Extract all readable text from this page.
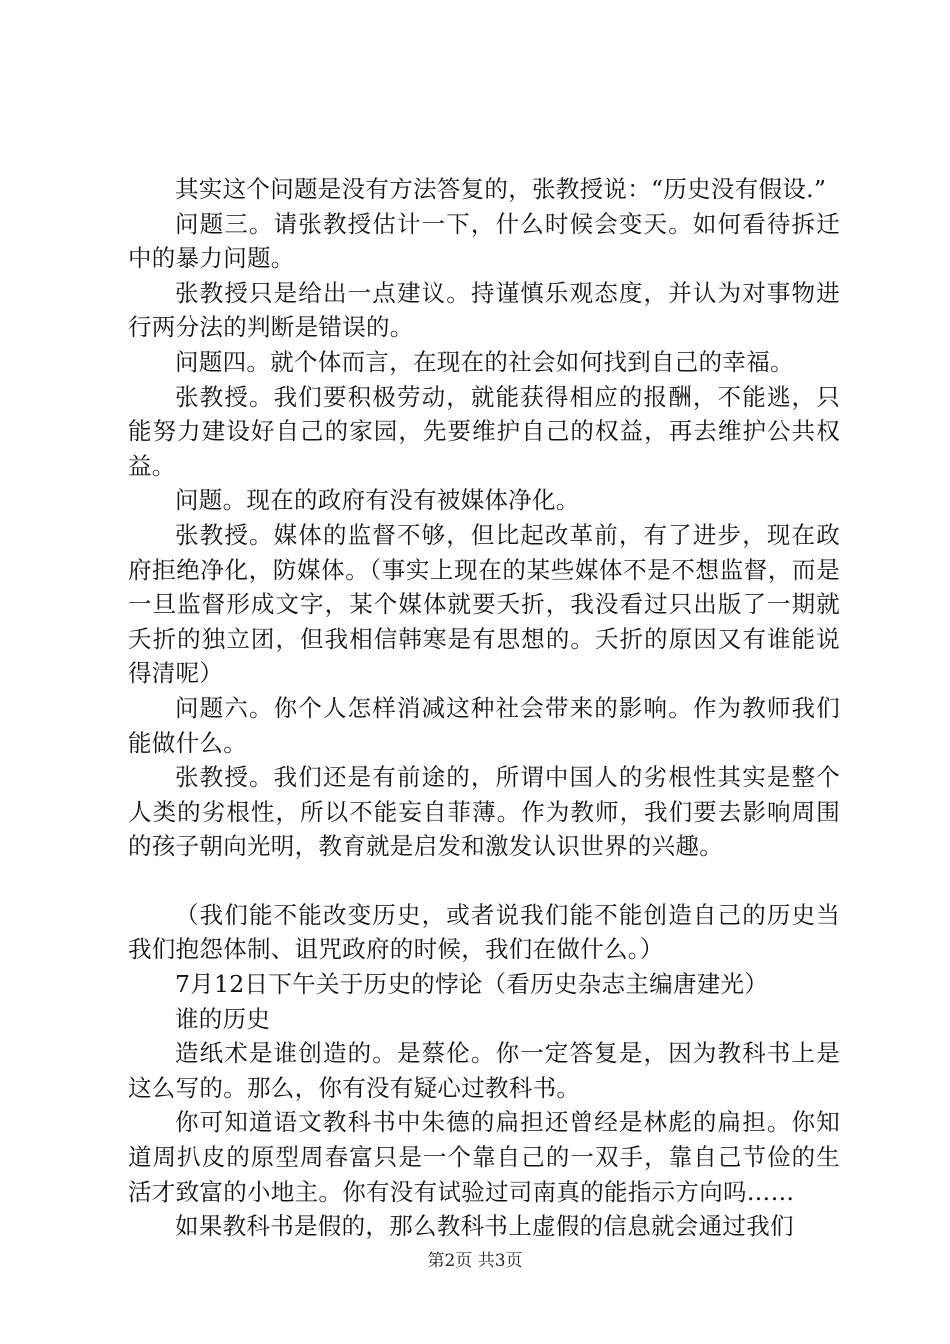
其实这个问题是没有方法答复的，张教授说：“历史没有假设.”

问题三。请张教授估计一下，什么时候会变天。如何看待拆迁中的暴力问题。

张教授只是给出一点建议。持谨慎乐观态度，并认为对事物进行两分法的判断是错误的。

问题四。就个体而言，在现在的社会如何找到自己的幸福。

张教授。我们要积极劳动，就能获得相应的报酬，不能逃，只能努力建设好自己的家园，先要维护自己的权益，再去维护公共权益。

问题。现在的政府有没有被媒体净化。

张教授。媒体的监督不够，但比起改革前，有了进步，现在政府拒绝净化，防媒体。（事实上现在的某些媒体不是不想监督，而是一旦监督形成文字，某个媒体就要夭折，我没看过只出版了一期就夭折的独立团，但我相信韩寒是有思想的。夭折的原因又有谁能说得清呢）

问题六。你个人怎样消减这种社会带来的影响。作为教师我们能做什么。

张教授。我们还是有前途的，所谓中国人的劣根性其实是整个人类的劣根性，所以不能妄自菲薄。作为教师，我们要去影响周围的孩子朝向光明，教育就是启发和激发认识世界的兴趣。

（我们能不能改变历史，或者说我们能不能创造自己的历史当我们抱怨体制、诅咒政府的时候，我们在做什么。）

7月12日下午关于历史的悖论（看历史杂志主编唐建光）

谁的历史

造纸术是谁创造的。是蔡伦。你一定答复是，因为教科书上是这么写的。那么，你有没有疑心过教科书。

你可知道语文教科书中朱德的扁担还曾经是林彪的扁担。你知道周扒皮的原型周春富只是一个靠自己的一双手，靠自己节俭的生活才致富的小地主。你有没有试验过司南真的能指示方向吗……

如果教科书是假的，那么教科书上虚假的信息就会通过我们

第2页 共3页
